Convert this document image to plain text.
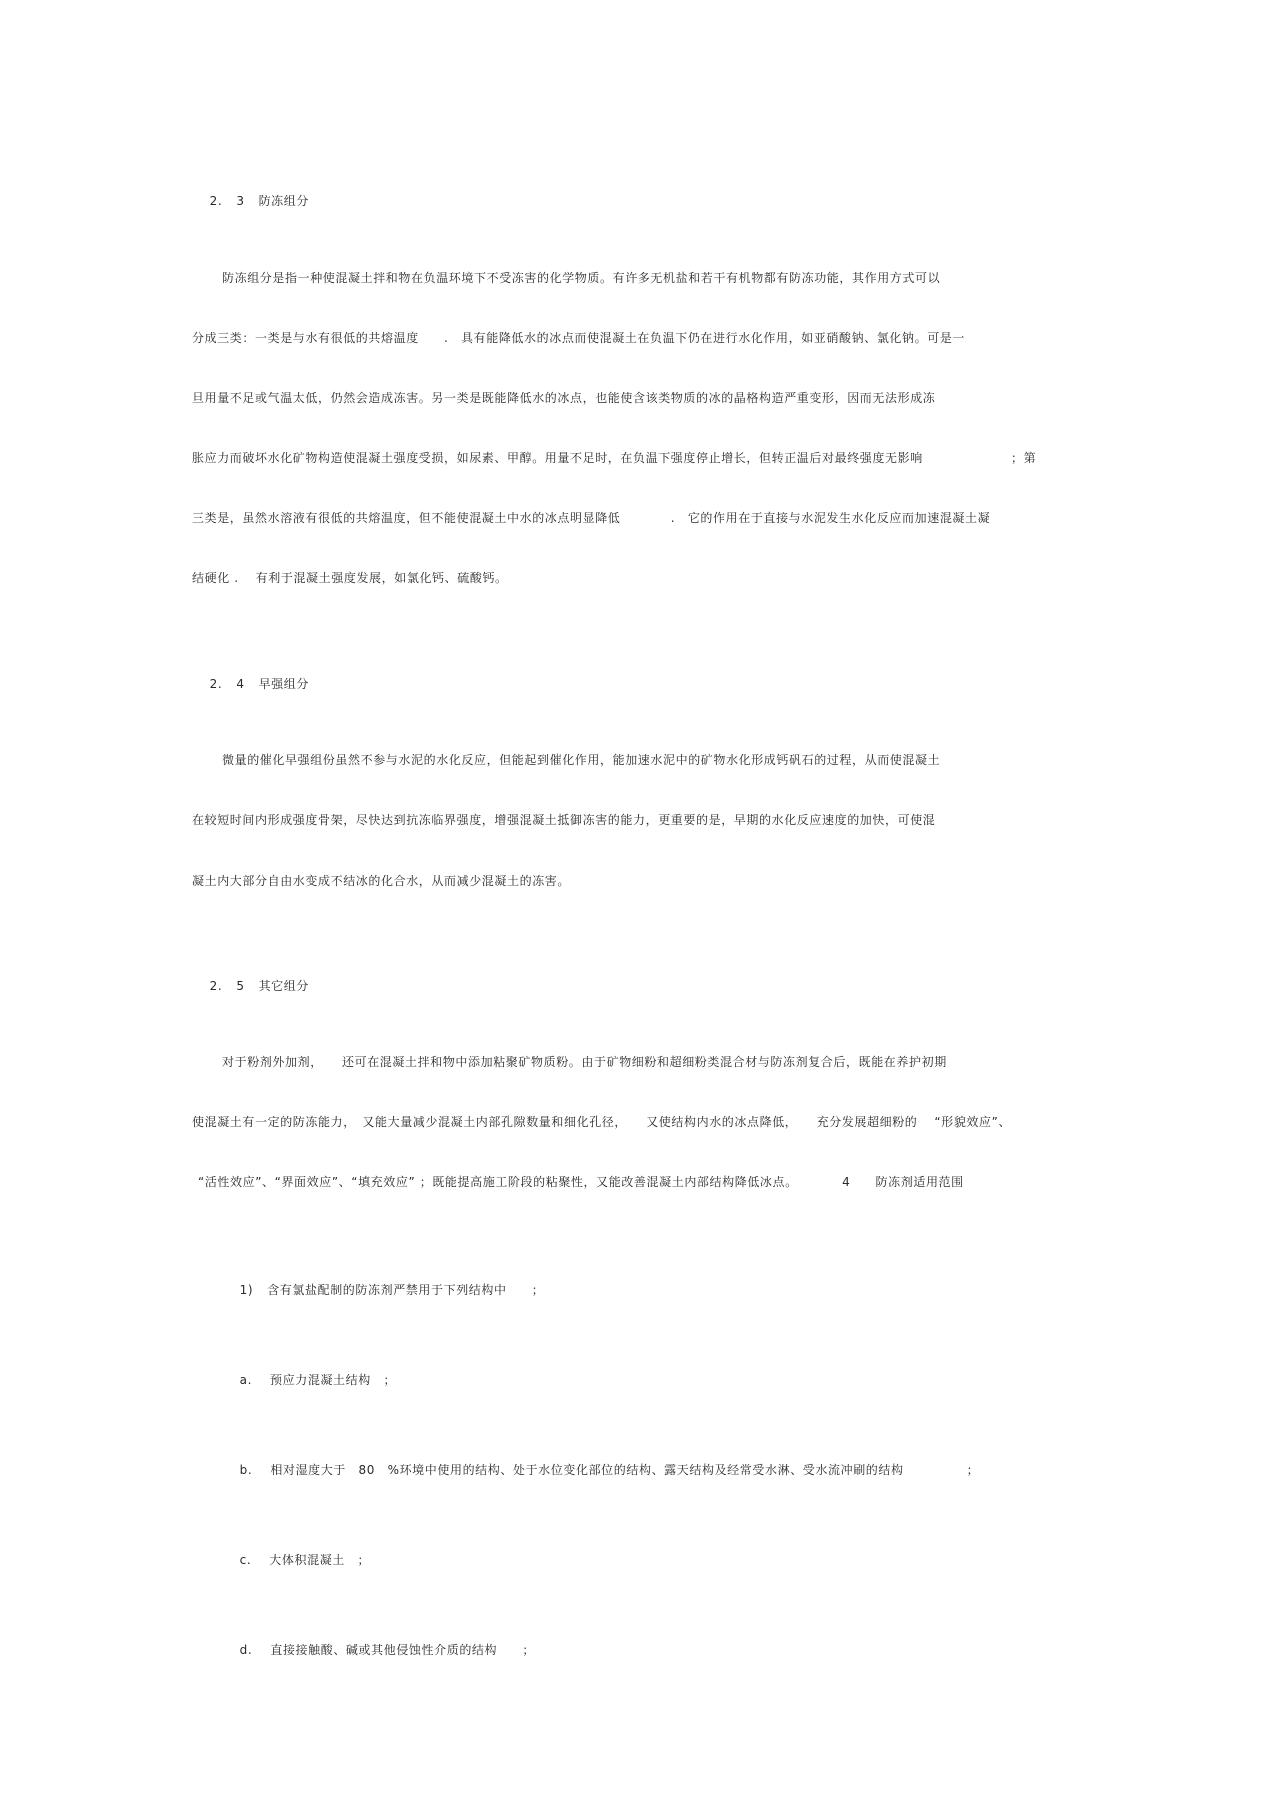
2. 3 防冻组分

防冻组分是指一种使混凝土拌和物在负温环境下不受冻害的化学物质。有许多无机盐和若干有机物都有防冻功能，其作用方式可以
分成三类：一类是与水有很低的共熔温度　　.　具有能降低水的冰点而使混凝土在负温下仍在进行水化作用，如亚硝酸钠、氯化钠。可是一
旦用量不足或气温太低，仍然会造成冻害。另一类是既能降低水的冰点，也能使含该类物质的冰的晶格构造严重变形，因而无法形成冻
胀应力而破坏水化矿物构造使混凝土强度受损，如尿素、甲醇。用量不足时，在负温下强度停止增长，但转正温后对最终强度无影响　　　　　　　；第
三类是，虽然水溶液有很低的共熔温度，但不能使混凝土中水的冰点明显降低　　　　.　它的作用在于直接与水泥发生水化反应而加速混凝土凝
结硬化 .　 有利于混凝土强度发展，如氯化钙、硫酸钙。

2. 4 早强组分

微量的催化早强组份虽然不参与水泥的水化反应，但能起到催化作用，能加速水泥中的矿物水化形成钙矾石的过程，从而使混凝土
在较短时间内形成强度骨架，尽快达到抗冻临界强度，增强混凝土抵御冻害的能力，更重要的是，早期的水化反应速度的加快，可使混
凝土内大部分自由水变成不结冰的化合水，从而减少混凝土的冻害。

2. 5 其它组分

对于粉剂外加剂，　　还可在混凝土拌和物中添加粘聚矿物质粉。由于矿物细粉和超细粉类混合材与防冻剂复合后，既能在养护初期
使混凝土有一定的防冻能力，　又能大量减少混凝土内部孔隙数量和细化孔径，　　又使结构内水的冰点降低，　　充分发展超细粉的　 “形貌效应”、
“活性效应”、“界面效应”、“填充效应” ；既能提高施工阶段的粘聚性，又能改善混凝土内部结构降低冰点。　　　　4　　防冻剂适用范围

1) 含有氯盐配制的防冻剂严禁用于下列结构中　　；

a. 预应力混凝土结构　；

b. 相对湿度大于　80　%环境中使用的结构、处于水位变化部位的结构、露天结构及经常受水淋、受水流冲刷的结构　　　　　；

c. 大体积混凝土　；

d. 直接接触酸、碱或其他侵蚀性介质的结构　　；
